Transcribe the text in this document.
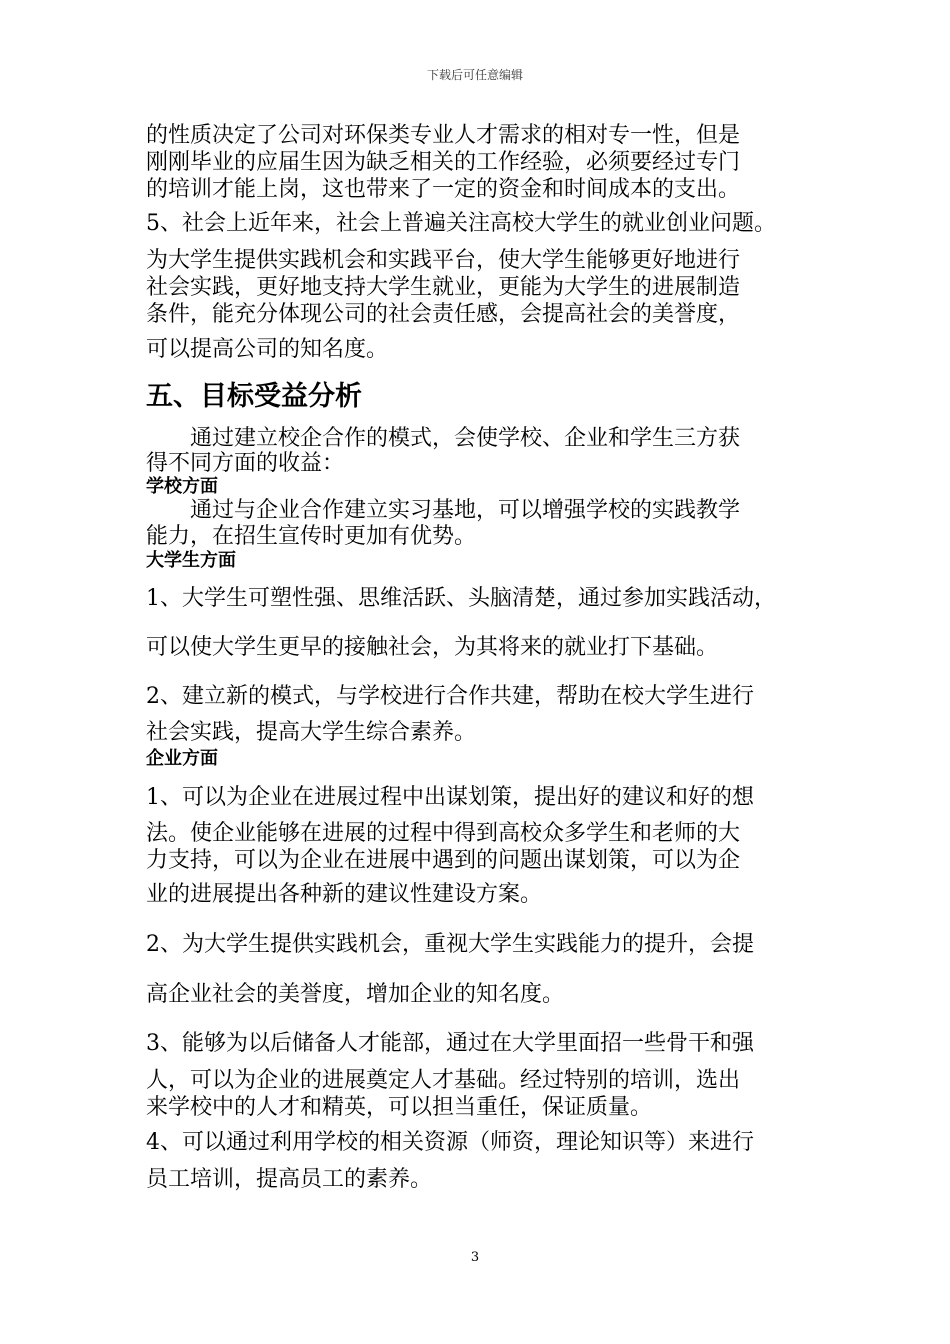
下载后可任意编辑
的性质决定了公司对环保类专业人才需求的相对专一性，但是
刚刚毕业的应届生因为缺乏相关的工作经验，必须要经过专门
的培训才能上岗，这也带来了一定的资金和时间成本的支出。
5、社会上近年来，社会上普遍关注高校大学生的就业创业问题。
为大学生提供实践机会和实践平台，使大学生能够更好地进行
社会实践，更好地支持大学生就业，更能为大学生的进展制造
条件，能充分体现公司的社会责任感，会提高社会的美誉度，
可以提高公司的知名度。
五、目标受益分析
通过建立校企合作的模式，会使学校、企业和学生三方获
得不同方面的收益：
学校方面
通过与企业合作建立实习基地，可以增强学校的实践教学
能力，在招生宣传时更加有优势。
大学生方面
1、大学生可塑性强、思维活跃、头脑清楚，通过参加实践活动，
可以使大学生更早的接触社会，为其将来的就业打下基础。
2、建立新的模式，与学校进行合作共建，帮助在校大学生进行
社会实践，提高大学生综合素养。
企业方面
1、可以为企业在进展过程中出谋划策，提出好的建议和好的想
法。使企业能够在进展的过程中得到高校众多学生和老师的大
力支持，可以为企业在进展中遇到的问题出谋划策，可以为企
业的进展提出各种新的建议性建设方案。
2、为大学生提供实践机会，重视大学生实践能力的提升，会提
高企业社会的美誉度，增加企业的知名度。
3、能够为以后储备人才能部，通过在大学里面招一些骨干和强
人，可以为企业的进展奠定人才基础。经过特别的培训，选出
来学校中的人才和精英，可以担当重任，保证质量。
4、可以通过利用学校的相关资源（师资，理论知识等）来进行
员工培训，提高员工的素养。
3
